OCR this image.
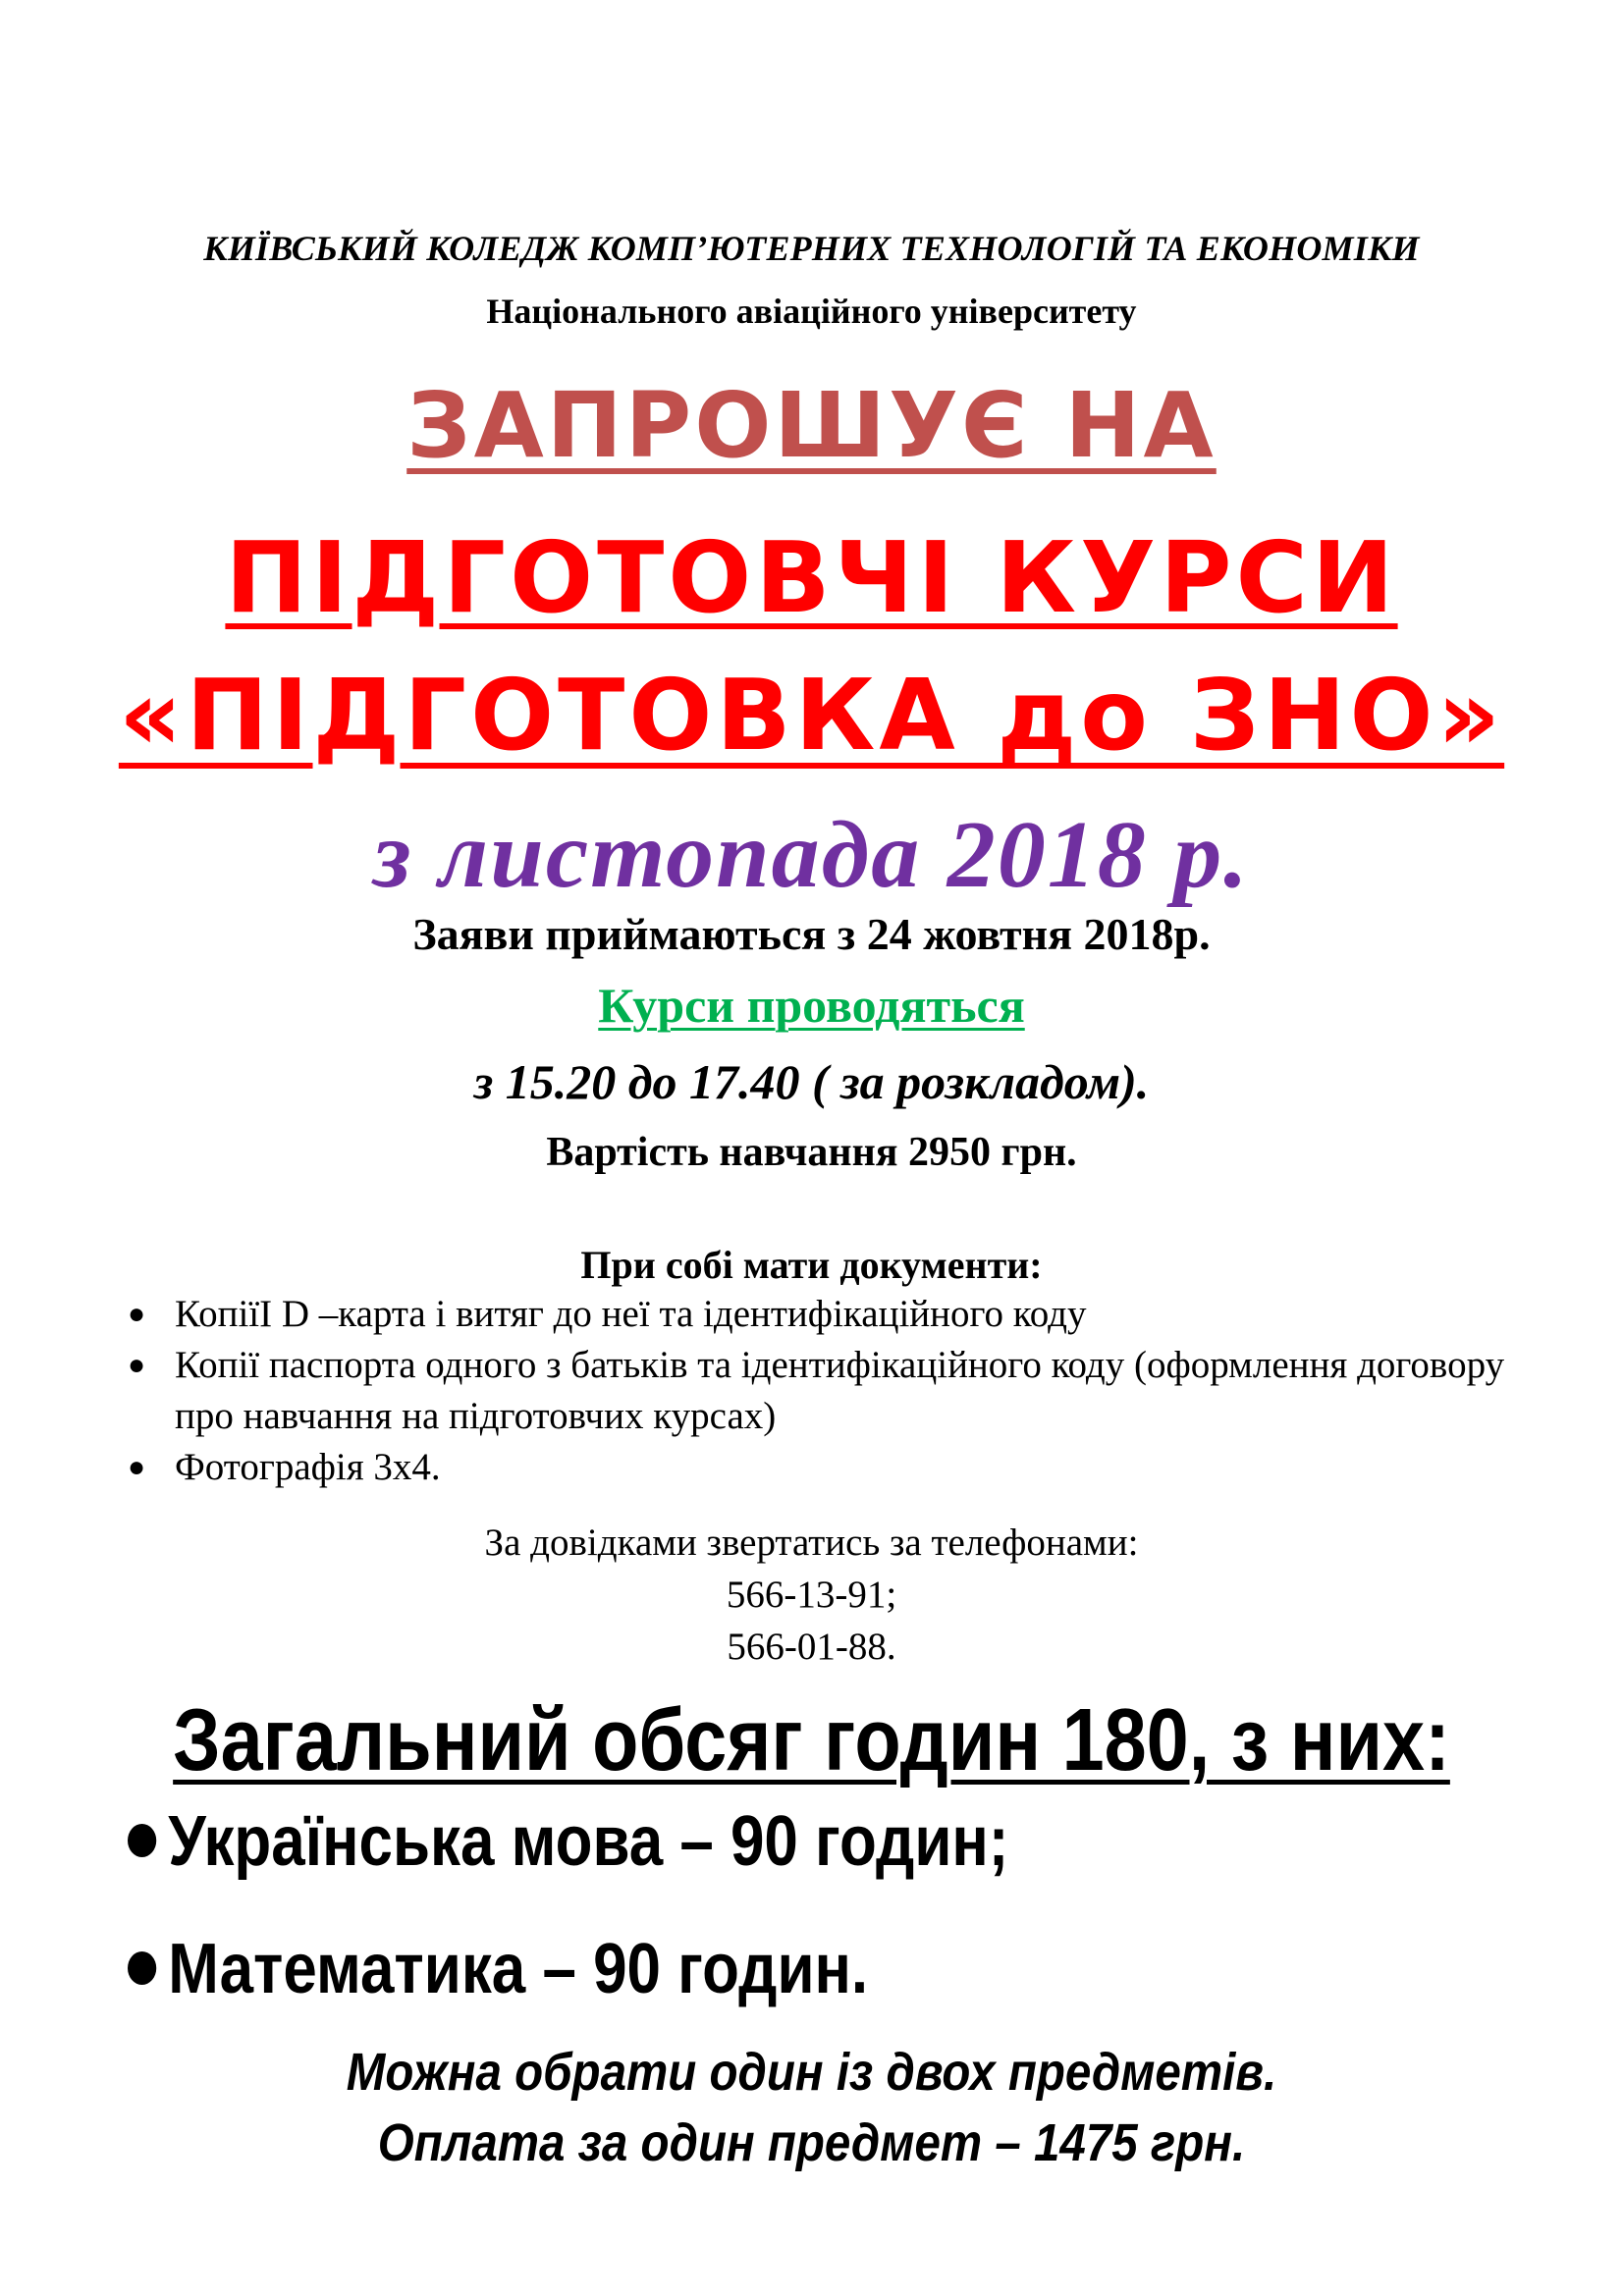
КИЇВСЬКИЙ КОЛЕДЖ КОМП’ЮТЕРНИХ ТЕХНОЛОГІЙ ТА ЕКОНОМІКИ

Національного авіаційного університету

ЗАПРОШУЄ НА

ПІДГОТОВЧІ КУРСИ

«ПІДГОТОВКА до ЗНО»

з листопада 2018 р.

Заяви приймаються з 24 жовтня 2018р.

Курси проводяться

з 15.20 до 17.40 ( за розкладом).

Вартість навчання 2950 грн.

При собі мати документи:

● КопіїI D –карта і витяг до неї та ідентифікаційного коду
● Копії паспорта одного з батьків та ідентифікаційного коду (оформлення договору про навчання на підготовчих курсах)
● Фотографія 3х4.

За довідками звертатись за телефонами:

566-13-91;

566-01-88.

Загальний обсяг годин 180, з них:

Українська мова – 90 годин;
Математика – 90 годин.

Можна обрати один із двох предметів.

Оплата за один предмет – 1475 грн.
